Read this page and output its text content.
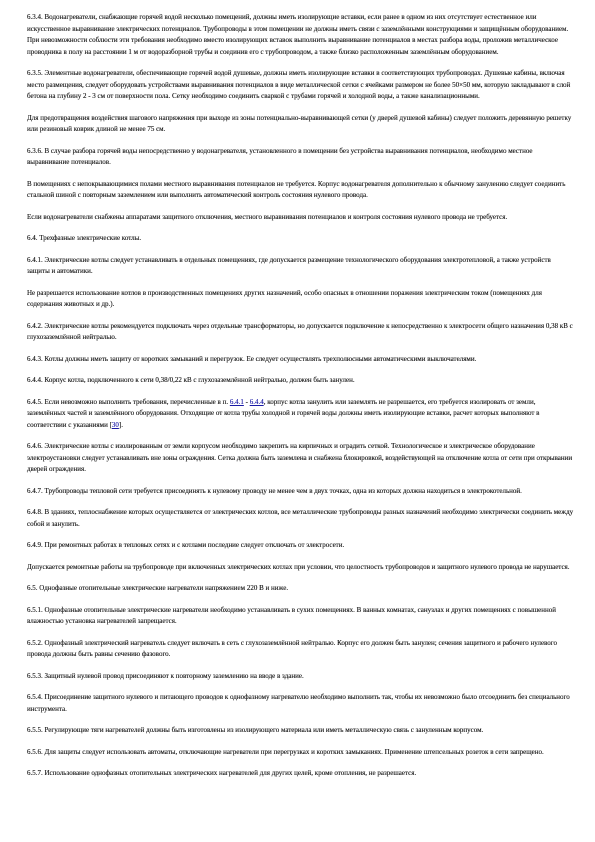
6.3.4. Водонагреватели, снабжающие горячей водой несколько помещений, должны иметь изолирующие вставки, если ранее в одном из них отсутствует естественное или искусственное выравнивание электрических потенциалов. Трубопроводы в этом помещении не должны иметь связи с заземлёнными конструкциями и защищённым оборудованием. При невозможности соблюсти эти требования необходимо вместо изолирующих вставок выполнить выравнивание потенциалов в местах разбора воды, проложив металлическое проводника в полу на расстоянии 1 м от водоразборной трубы и соединив его с трубопроводом, а также близко расположенным заземлённым оборудованием.

6.3.5. Элементные водонагреватели, обеспечивающие горячей водой душевые, должны иметь изолирующие вставки в соответствующих трубопроводах. Душевые кабины, включая место размещения, следует оборудовать устройствами выравнивания потенциалов в виде металлической сетки с ячейками размером не более 50×50 мм, которую закладывают в слой бетона на глубину 2 - 3 см от поверхности пола. Сетку необходимо соединить сваркой с трубами горячей и холодной воды, а также канализационными.

Для предотвращения воздействия шагового напряжения при выходе из зоны потенциально-выравнивающей сетки (у дверей душевой кабины) следует положить деревянную решетку или резиновый коврик длиной не менее 75 см.

6.3.6. В случае разбора горячей воды непосредственно у водонагревателя, установленного в помещении без устройства выравнивания потенциалов, необходимо местное выравнивание потенциалов.

В помещениях с непокрывающимися полами местного выравнивания потенциалов не требуется. Корпус водонагревателя дополнительно к обычному занулению следует соединить стальной шиной с повторным заземлением или выполнить автоматический контроль состояния нулевого провода.

Если водонагреватели снабжены аппаратами защитного отключения, местного выравнивания потенциалов и контроля состояния нулевого провода не требуется.

6.4. Трехфазные электрические котлы.

6.4.1. Электрические котлы следует устанавливать в отдельных помещениях, где допускается размещение технологического оборудования электротепловой, а также устройств защиты и автоматики.

Не разрешается использование котлов в производственных помещениях других назначений, особо опасных в отношении поражения электрическим током (помещениях для содержания животных и др.).

6.4.2. Электрические котлы рекомендуется подключать через отдельные трансформаторы, но допускается подключение к непосредственно к электросети общего назначения 0,38 кВ с глухозаземлённой нейтралью.

6.4.3. Котлы должны иметь защиту от коротких замыканий и перегрузок. Ее следует осуществлять трехполюсными автоматическими выключателями.

6.4.4. Корпус котла, подключенного к сети 0,38/0,22 кВ с глухозаземлённой нейтралью, должен быть занулен.

6.4.5. Если невозможно выполнить требования, перечисленные в п. 6.4.1 - 6.4.4, корпус котла занулить или заземлять не разрешается, его требуется изолировать от земли, заземлённых частей и заземлённого оборудования. Отходящие от котла трубы холодной и горячей воды должны иметь изолирующие вставки, расчет которых выполняют в соответствии с указаниями [30].

6.4.6. Электрические котлы с изолированным от земли корпусом необходимо закрепить на кирпичных и оградить сеткой. Технологическое и электрическое оборудование электроустановки следует устанавливать вне зоны ограждения. Сетка должна быть заземлена и снабжена блокировкой, воздействующей на отключение котла от сети при открывании дверей ограждения.

6.4.7. Трубопроводы тепловой сети требуется присоединять к нулевому проводу не менее чем в двух точках, одна из которых должна находиться в электрокотельной.

6.4.8. В зданиях, теплоснабжение которых осуществляется от электрических котлов, все металлические трубопроводы разных назначений необходимо электрически соединить между собой и занулить.

6.4.9. При ремонтных работах в тепловых сетях и с котлами последние следует отключать от электросети.

Допускается ремонтные работы на трубопроводе при включенных электрических котлах при условии, что целостность трубопроводов и защитного нулевого провода не нарушается.

6.5. Однофазные отопительные электрические нагреватели напряжением 220 В и ниже.

6.5.1. Однофазные отопительные электрические нагреватели необходимо устанавливать в сухих помещениях. В ванных комнатах, санузлах и других помещениях с повышенной влажностью установка нагревателей запрещается.

6.5.2. Однофазный электрический нагреватель следует включать в сеть с глухозаземлённой нейтралью. Корпус его должен быть занулен; сечения защитного и рабочего нулевого провода должны быть равны сечению фазового.

6.5.3. Защитный нулевой провод присоединяют к повторному заземлению на вводе в здание.

6.5.4. Присоединение защитного нулевого и питающего проводов к однофазному нагревателю необходимо выполнить так, чтобы их невозможно было отсоединить без специального инструмента.

6.5.5. Регулирующие тяги нагревателей должны быть изготовлены из изолирующего материала или иметь металлическую связь с зануленным корпусом.

6.5.6. Для защиты следует использовать автоматы, отключающие нагреватели при перегрузках и коротких замыканиях. Применение штепсельных розеток в сети запрещено.

6.5.7. Использование однофазных отопительных электрических нагревателей для других целей, кроме отопления, не разрешается.
